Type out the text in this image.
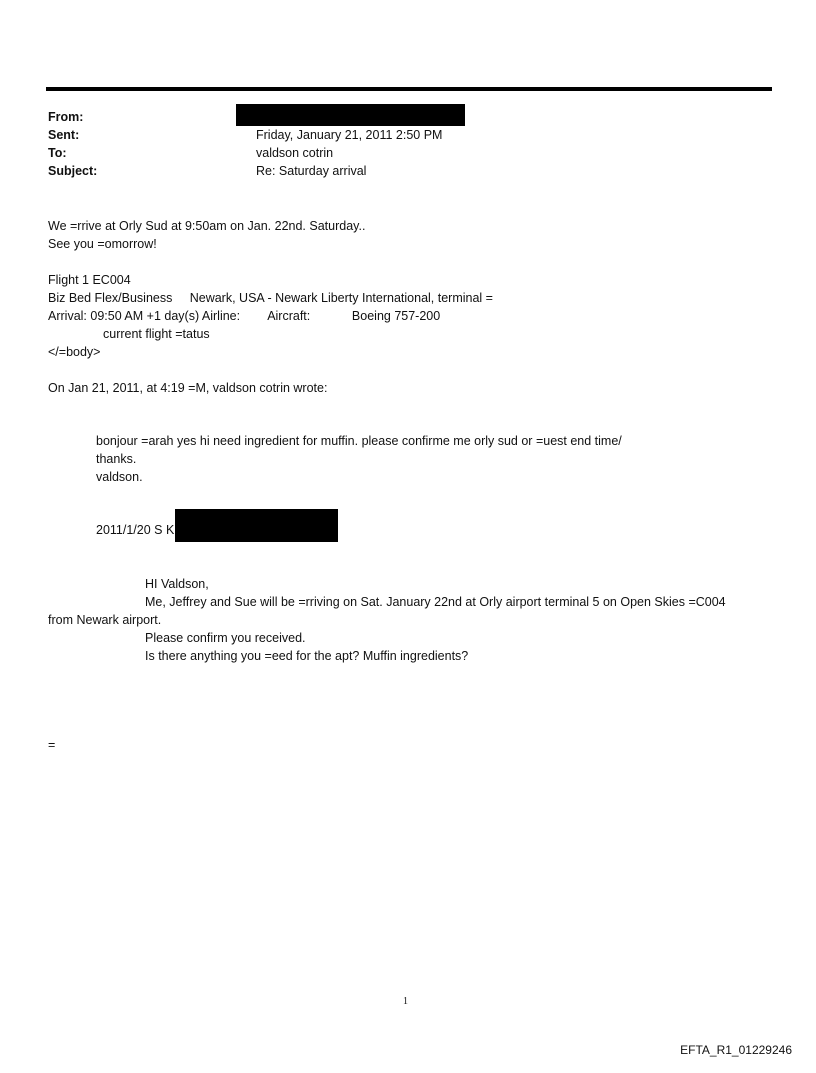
From:
Sent:	Friday, January 21, 2011 2:50 PM
To:	valdson cotrin
Subject:	Re: Saturday arrival
We =rrive at Orly Sud at 9:50am on Jan. 22nd. Saturday..
See you =omorrow!
Flight 1 EC004
Biz Bed Flex/Business     Newark, USA - Newark Liberty International, terminal =
Arrival: 09:50 AM +1 day(s) Airline:        Aircraft:            Boeing 757-200
current flight =tatus
</=body>
On Jan 21, 2011, at 4:19 =M, valdson cotrin wrote:
bonjour =arah yes hi need ingredient for muffin. please confirme me orly sud or =uest end time/
thanks.
valdson.
2011/1/20 S K
HI Valdson,
Me, Jeffrey and Sue will be =rriving on Sat. January 22nd at Orly airport terminal 5 on Open Skies =C004
from Newark airport.
Please confirm you received.
Is there anything you =eed for the apt? Muffin ingredients?
=
1
EFTA_R1_01229246
